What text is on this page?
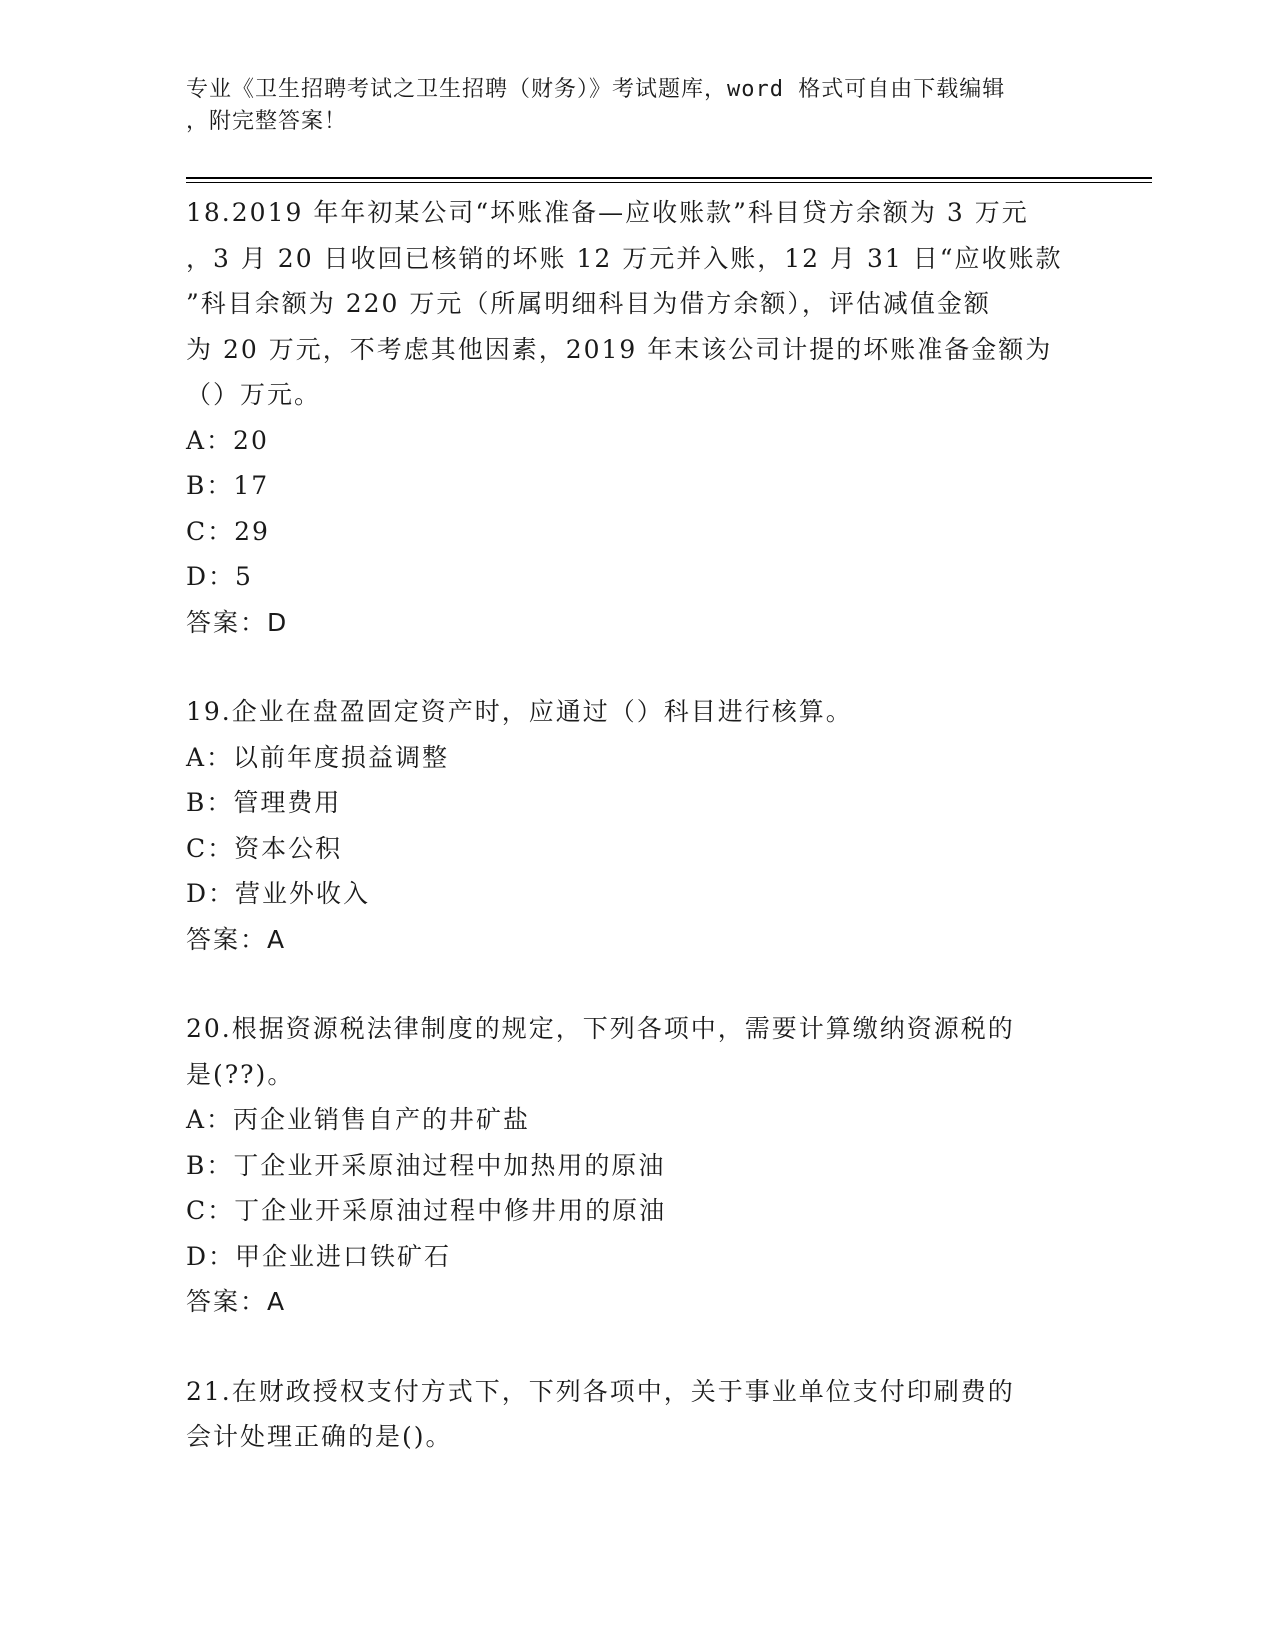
专业《卫生招聘考试之卫生招聘（财务）》考试题库，word 格式可自由下载编辑
，附完整答案！
18.2019 年年初某公司“坏账准备—应收账款”科目贷方余额为 3 万元
，3 月 20 日收回已核销的坏账 12 万元并入账，12 月 31 日“应收账款
”科目余额为 220 万元（所属明细科目为借方余额），评估减值金额
为 20 万元，不考虑其他因素，2019 年末该公司计提的坏账准备金额为
（）万元。
A：20
B：17
C：29
D：5
答案：D
19.企业在盘盈固定资产时，应通过（）科目进行核算。
A：以前年度损益调整
B：管理费用
C：资本公积
D：营业外收入
答案：A
20.根据资源税法律制度的规定，下列各项中，需要计算缴纳资源税的
是(??)。
A：丙企业销售自产的井矿盐
B：丁企业开采原油过程中加热用的原油
C：丁企业开采原油过程中修井用的原油
D：甲企业进口铁矿石
答案：A
21.在财政授权支付方式下，下列各项中，关于事业单位支付印刷费的
会计处理正确的是()。
